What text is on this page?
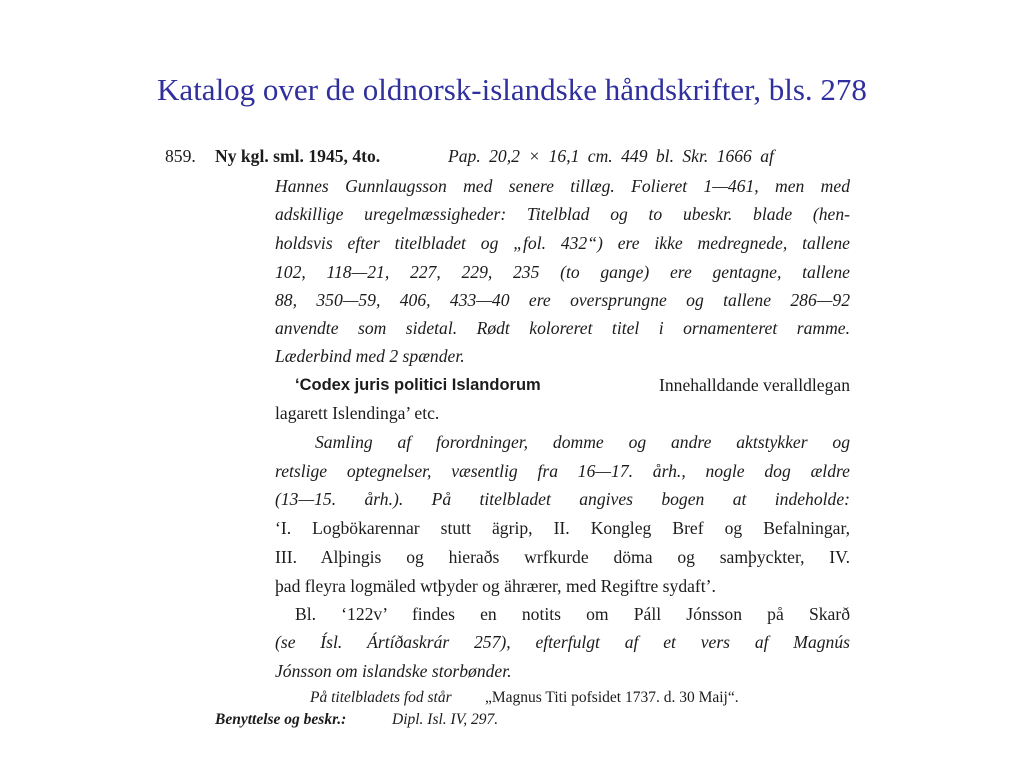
Katalog over de oldnorsk-islandske håndskrifter, bls. 278
859. Ny kgl. sml. 1945, 4to.	Pap. 20,2 × 16,1 cm. 449 bl. Skr. 1666 af
Hannes Gunnlaugsson med senere tillæg. Folieret 1—461, men med
adskillige uregelmæssigheder: Titelblad og to ubeskr. blade (hen-
holdsvis efter titelbladet og „fol. 432“) ere ikke medregnede, tallene
102, 118—21, 227, 229, 235 (to gange) ere gentagne, tallene
88, 350—59, 406, 433—40 ere oversprungne og tallene 286—92
anvendte som sidetal. Rødt koloreret titel i ornamenteret ramme.
Læderbind med 2 spænder.
‘Codex juris politici Islandorum	Innehalldande veralldlegan
lagarett Islendinga’ etc.
Samling af forordninger, domme og andre aktstykker og
retslige optegnelser, væsentlig fra 16—17. årh., nogle dog ældre
(13—15. årh.). På titelbladet angives bogen at indeholde:
‘I. Logbökarennar stutt ägrip, II. Kongleg Bref og Befalningar,
III. Alþingis og hieraðs wrfkurde döma og samþyckter, IV.
þad fleyra logmäled wtþyder og ährærer, med Regiftre sydaft’.
Bl. ‘122v’ findes en notits om Páll Jónsson på Skarð
(se Ísl. Ártíðaskrár 257), efterfulgt af et vers af Magnús
Jónsson om islandske storbønder.
På titelbladets fod står „Magnus Titi pofsidet 1737. d. 30 Maij“.
Benyttelse og beskr.:	Dipl. Isl. IV, 297.
